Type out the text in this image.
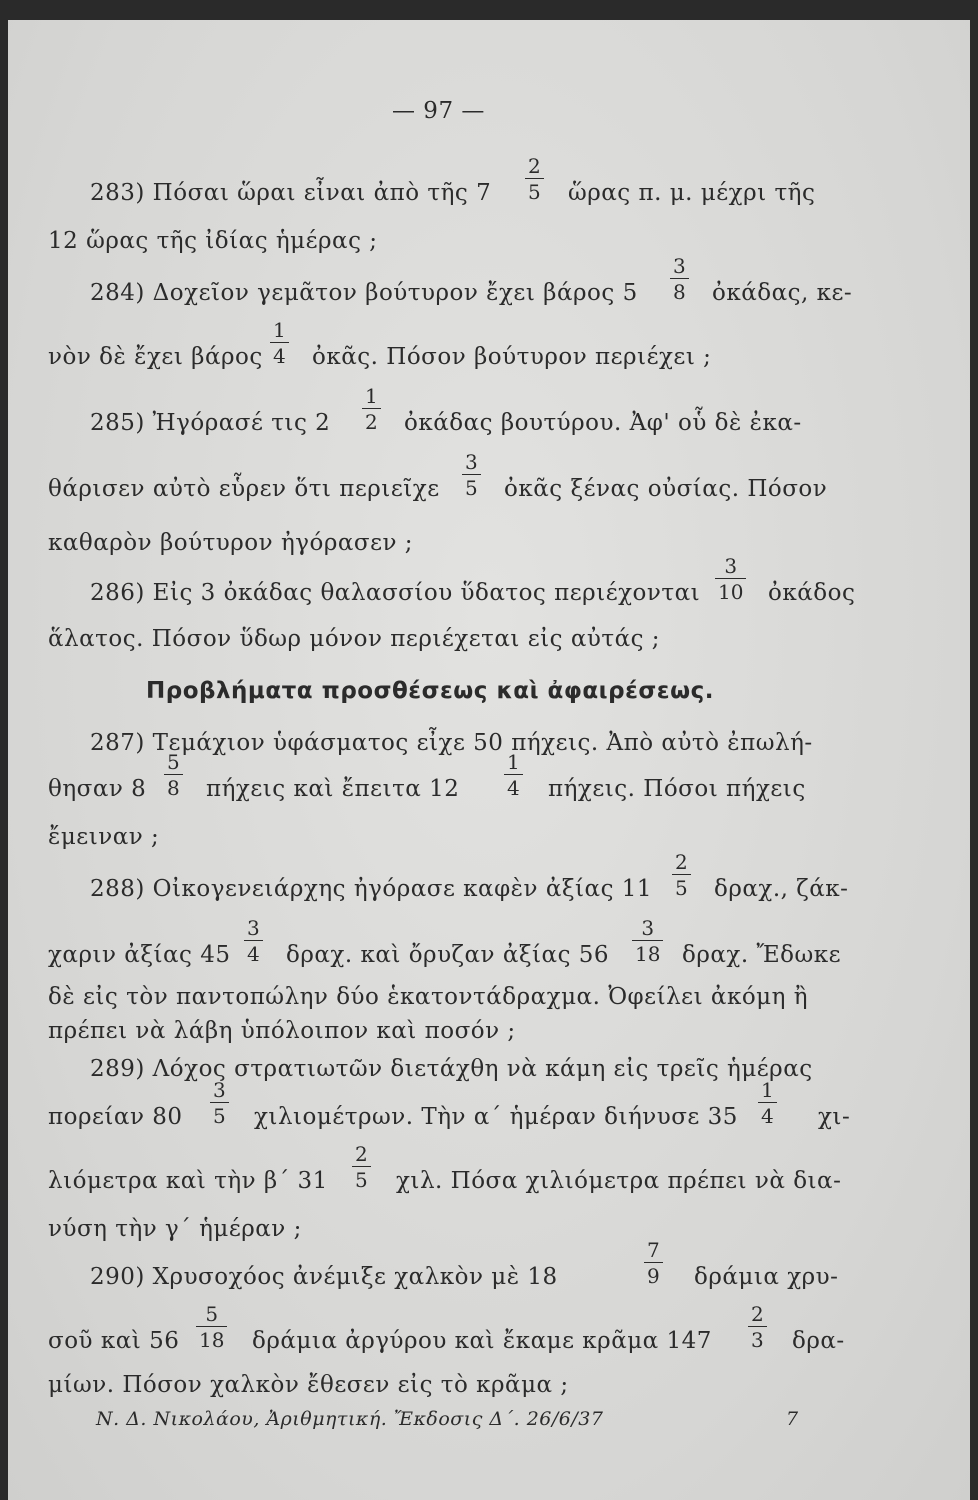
— 97 —
283) Πόσαι ὥραι εἶναι ἀπὸ τῆς 7
2
5 ὥρας π. μ. μέχρι τῆς
12 ὥρας τῆς ἰδίας ἡμέρας ;
284) Δοχεῖον γεμᾶτον βούτυρον ἔχει βάρος 5
3
8 ὀκάδας, κε-
νὸν δὲ ἔχει βάρος
1
4 ὀκᾶς. Πόσον βούτυρον περιέχει ;
285) Ἠγόρασέ τις 2
1
2 ὀκάδας βουτύρου. Ἀφ' οὗ δὲ ἐκα-
θάρισεν αὐτὸ εὗρεν ὅτι περιεῖχε
3
5 ὀκᾶς ξένας οὐσίας. Πόσον
καθαρὸν βούτυρον ἠγόρασεν ;
286) Εἰς 3 ὀκάδας θαλασσίου ὕδατος περιέχονται
3
10 ὀκάδος
ἅλατος. Πόσον ὕδωρ μόνον περιέχεται εἰς αὐτάς ;
Προβλήματα προσθέσεως καὶ ἀφαιρέσεως.
287) Τεμάχιον ὑφάσματος εἶχε 50 πήχεις. Ἀπὸ αὐτὸ ἐπωλή-
θησαν 8
5
8 πήχεις καὶ ἔπειτα 12
1
4 πήχεις. Πόσοι πήχεις
ἔμειναν ;
288) Οἰκογενειάρχης ἠγόρασε καφὲν ἀξίας 11
2
5 δραχ., ζάκ-
χαριν ἀξίας 45
3
4 δραχ. καὶ ὄρυζαν ἀξίας 56
3
18 δραχ. Ἔδωκε
δὲ εἰς τὸν παντοπώλην δύο ἑκατοντάδραχμα. Ὀφείλει ἀκόμη ἢ
πρέπει νὰ λάβη ὑπόλοιπον καὶ ποσόν ;
289) Λόχος στρατιωτῶν διετάχθη νὰ κάμη εἰς τρεῖς ἡμέρας
πορείαν 80
3
5 χιλιομέτρων. Τὴν α΄ ἡμέραν διήνυσε 35
1
4 χι-
λιόμετρα καὶ τὴν β΄ 31
2
5 χιλ. Πόσα χιλιόμετρα πρέπει νὰ δια-
νύση τὴν γ΄ ἡμέραν ;
290) Χρυσοχόος ἀνέμιξε χαλκὸν μὲ 18
7
9 δράμια χρυ-
σοῦ καὶ 56
5
18 δράμια ἀργύρου καὶ ἔκαμε κρᾶμα 147
2
3 δρα-
μίων. Πόσον χαλκὸν ἔθεσεν εἰς τὸ κρᾶμα ;
Ν. Δ. Νικολάου, Ἀριθμητική. Ἔκδοσις Δ΄. 26/6/37	7
